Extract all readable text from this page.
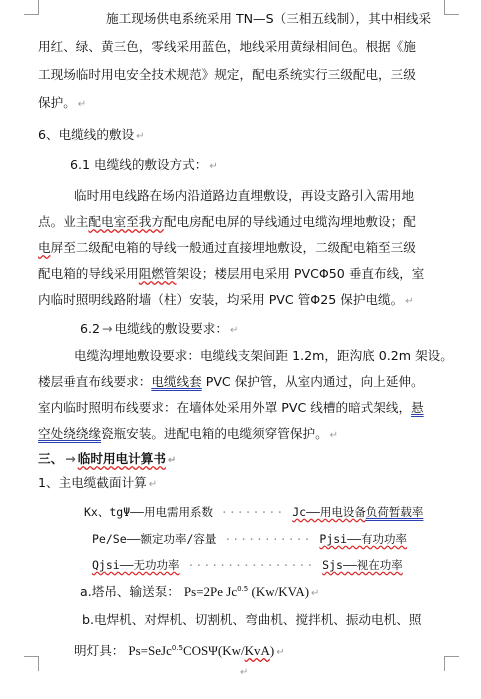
施工现场供电系统采用 TN—S（三相五线制），其中相线采
用红、绿、黄三色，零线采用蓝色，地线采用黄绿相间色。根据《施
工现场临时用电安全技术规范》规定，配电系统实行三级配电，三级
保护。 ↵
6、电缆线的敷设 ↵
6.1 电缆线的敷设方式： ↵
临时用电线路在场内沿道路边直埋敷设，再设支路引入需用地
点。业主配电室至我方配电房配电屏的导线通过电缆沟埋地敷设；配
电屏至二级配电箱的导线一般通过直接埋地敷设，二级配电箱至三级
配电箱的导线采用阻燃管架设；楼层用电采用 PVCΦ50 垂直布线，室
内临时照明线路附墙（柱）安装，均采用 PVC 管Φ25 保护电缆。 ↵
6.2 → 电缆线的敷设要求： ↵
电缆沟埋地敷设要求：电缆线支架间距 1.2m，距沟底 0.2m 架设。
楼层垂直布线要求：电缆线套 PVC 保护管，从室内通过，向上延伸。
室内临时照明布线要求：在墙体处采用外罩 PVC 线槽的暗式架线，悬
空处绕绕缘瓷瓶安装。进配电箱的电缆须穿管保护。 ↵
三、 → 临时用电计算书 ↵
1、主电缆截面计算 ↵
Kx、tgΨ——用电需用系数 ········ Jc——用电设备负荷暂载率
Pe/Se——额定功率/容量 ··········· Pjsi——有功功率
Qjsi——无功功率 ················ Sjs——视在功率
a.塔吊、输送泵： Ps=2Pe $Jc^{0.5}$ (Kw/KVA) ↵
b.电焊机、对焊机、切割机、弯曲机、搅拌机、振动电机、照
明灯具： Ps=SeJc$^{0.5}$COSΨ(Kw/KvA) ↵
↵
